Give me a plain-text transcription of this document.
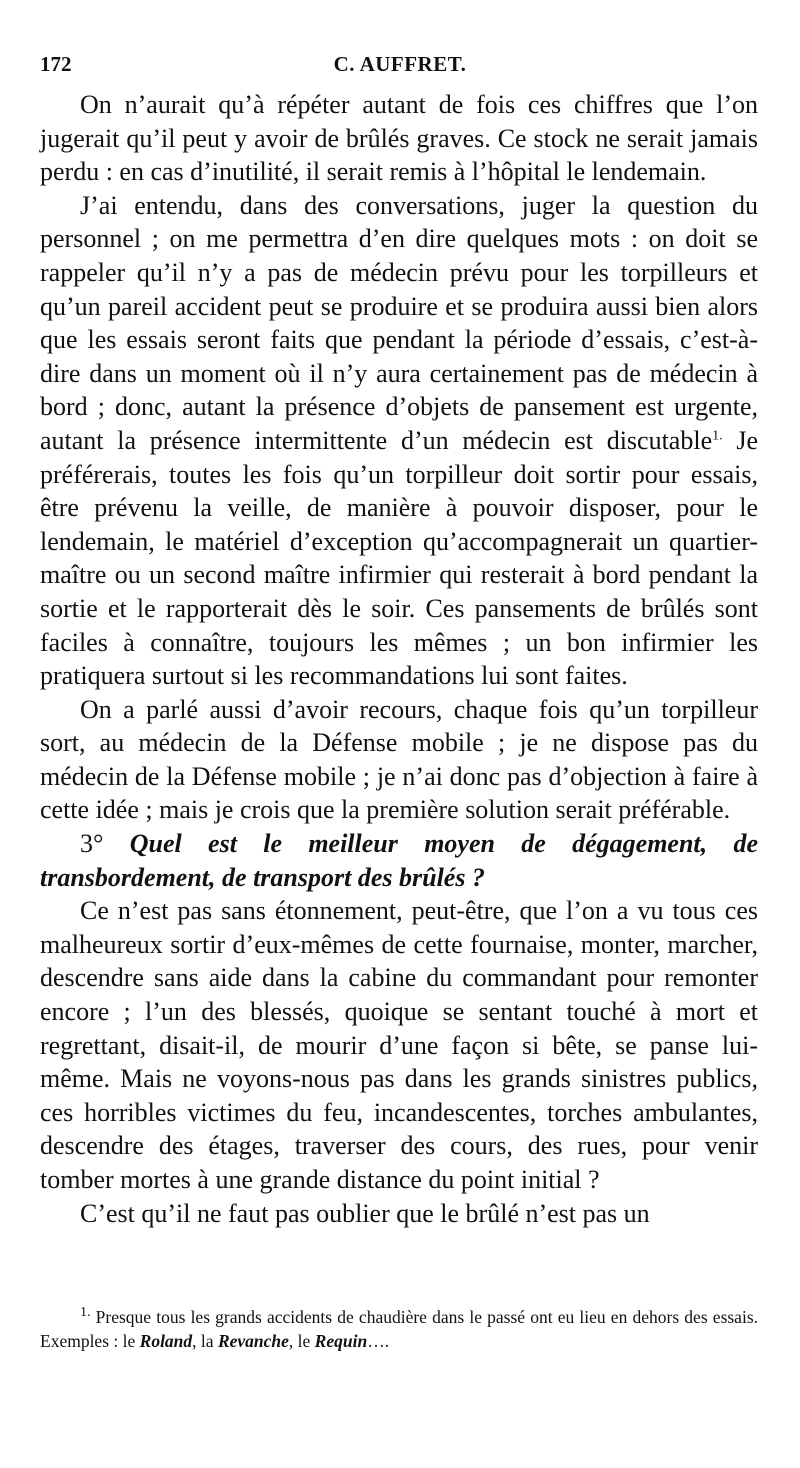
172	C. AUFFRET.

On n’aurait qu’à répéter autant de fois ces chiffres que l’on jugerait qu’il peut y avoir de brûlés graves. Ce stock ne serait jamais perdu : en cas d’inutilité, il serait remis à l’hôpital le lendemain.

J’ai entendu, dans des conversations, juger la question du personnel ; on me permettra d’en dire quelques mots : on doit se rappeler qu’il n’y a pas de médecin prévu pour les torpilleurs et qu’un pareil accident peut se produire et se produira aussi bien alors que les essais seront faits que pendant la période d’essais, c’est-à-dire dans un moment où il n’y aura certainement pas de médecin à bord ; donc, autant la présence d’objets de pansement est urgente, autant la présence intermittente d’un médecin est discutable$^{1.}$ Je préférerais, toutes les fois qu’un torpilleur doit sortir pour essais, être prévenu la veille, de manière à pouvoir disposer, pour le lendemain, le matériel d’exception qu’accompagnerait un quartier-maître ou un second maître infirmier qui resterait à bord pendant la sortie et le rapporterait dès le soir. Ces pansements de brûlés sont faciles à connaître, toujours les mêmes ; un bon infirmier les pratiquera surtout si les recommandations lui sont faites.

On a parlé aussi d’avoir recours, chaque fois qu’un torpilleur sort, au médecin de la Défense mobile ; je ne dispose pas du médecin de la Défense mobile ; je n’ai donc pas d’objection à faire à cette idée ; mais je crois que la première solution serait préférable.

3° Quel est le meilleur moyen de dégagement, de transbordement, de transport des brûlés ?

Ce n’est pas sans étonnement, peut-être, que l’on a vu tous ces malheureux sortir d’eux-mêmes de cette fournaise, monter, marcher, descendre sans aide dans la cabine du commandant pour remonter encore ; l’un des blessés, quoique se sentant touché à mort et regrettant, disait-il, de mourir d’une façon si bête, se panse lui-même. Mais ne voyons-nous pas dans les grands sinistres publics, ces horribles victimes du feu, incandescentes, torches ambulantes, descendre des étages, traverser des cours, des rues, pour venir tomber mortes à une grande distance du point initial ?

C’est qu’il ne faut pas oublier que le brûlé n’est pas un

$^{1.}$ Presque tous les grands accidents de chaudière dans le passé ont eu lieu en dehors des essais. Exemples : le Roland, la Revanche, le Requin….
